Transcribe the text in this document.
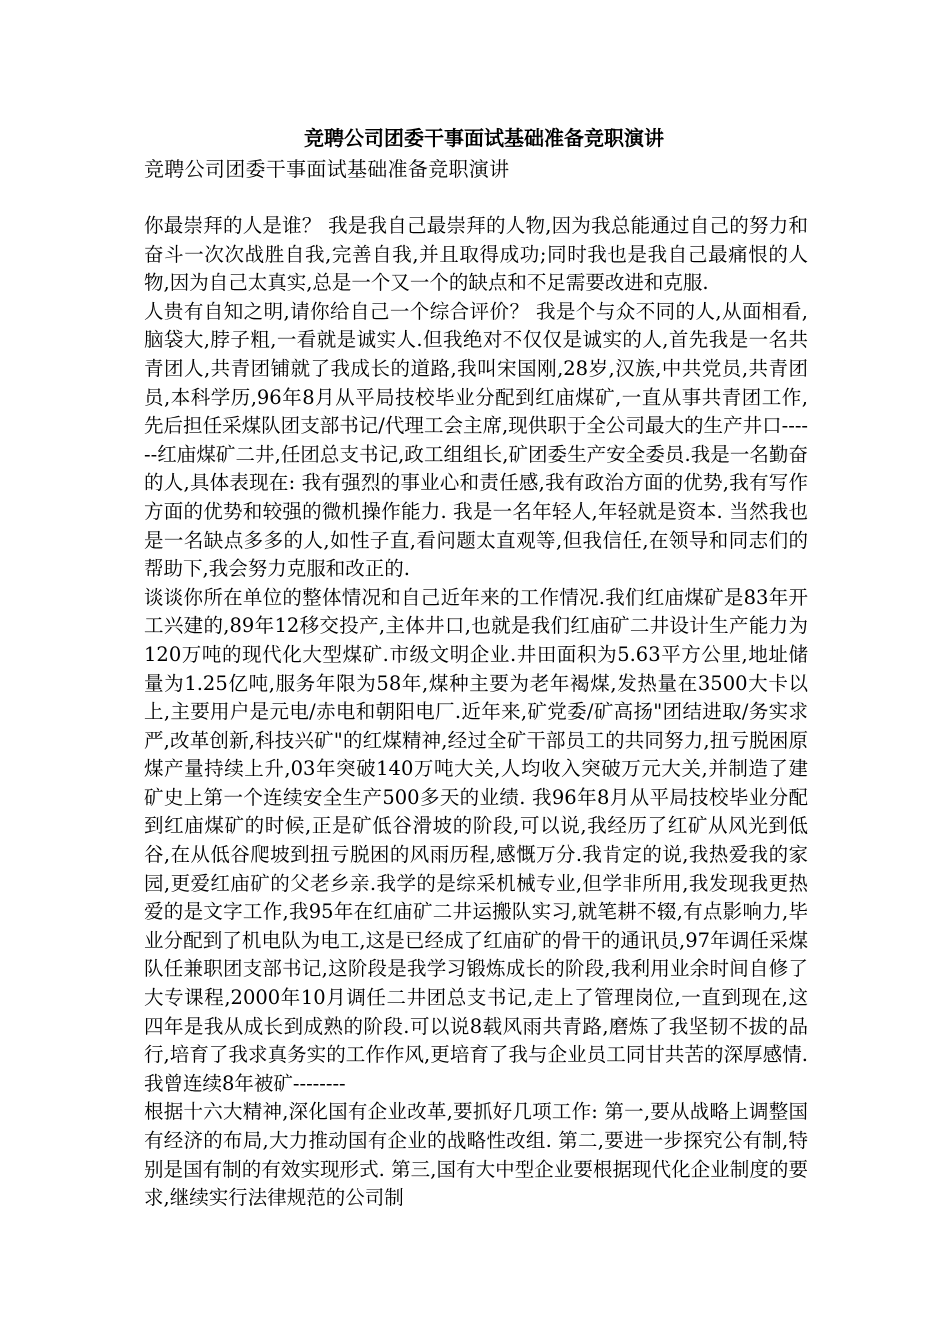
竞聘公司团委干事面试基础准备竞职演讲
竞聘公司团委干事面试基础准备竞职演讲

你最崇拜的人是谁？ 我是我自己最崇拜的人物,因为我总能通过自己的努力和奋斗一次次战胜自我,完善自我,并且取得成功;同时我也是我自己最痛恨的人物,因为自己太真实,总是一个又一个的缺点和不足需要改进和克服.

人贵有自知之明,请你给自己一个综合评价？ 我是个与众不同的人,从面相看,脑袋大,脖子粗,一看就是诚实人.但我绝对不仅仅是诚实的人,首先我是一名共青团人,共青团铺就了我成长的道路,我叫宋国刚,28岁,汉族,中共党员,共青团员,本科学历,96年8月从平局技校毕业分配到红庙煤矿,一直从事共青团工作,先后担任采煤队团支部书记/代理工会主席,现供职于全公司最大的生产井口------红庙煤矿二井,任团总支书记,政工组组长,矿团委生产安全委员.我是一名勤奋的人,具体表现在: 我有强烈的事业心和责任感,我有政治方面的优势,我有写作方面的优势和较强的微机操作能力. 我是一名年轻人,年轻就是资本. 当然我也是一名缺点多多的人,如性子直,看问题太直观等,但我信任,在领导和同志们的帮助下,我会努力克服和改正的.

谈谈你所在单位的整体情况和自己近年来的工作情况.我们红庙煤矿是83年开工兴建的,89年12移交投产,主体井口,也就是我们红庙矿二井设计生产能力为120万吨的现代化大型煤矿.市级文明企业.井田面积为5.63平方公里,地址储量为1.25亿吨,服务年限为58年,煤种主要为老年褐煤,发热量在3500大卡以上,主要用户是元电/赤电和朝阳电厂.近年来,矿党委/矿高扬"团结进取/务实求严,改革创新,科技兴矿"的红煤精神,经过全矿干部员工的共同努力,扭亏脱困原煤产量持续上升,03年突破140万吨大关,人均收入突破万元大关,并制造了建矿史上第一个连续安全生产500多天的业绩. 我96年8月从平局技校毕业分配到红庙煤矿的时候,正是矿低谷滑坡的阶段,可以说,我经历了红矿从风光到低谷,在从低谷爬坡到扭亏脱困的风雨历程,感慨万分.我肯定的说,我热爱我的家园,更爱红庙矿的父老乡亲.我学的是综采机械专业,但学非所用,我发现我更热爱的是文字工作,我95年在红庙矿二井运搬队实习,就笔耕不辍,有点影响力,毕业分配到了机电队为电工,这是已经成了红庙矿的骨干的通讯员,97年调任采煤队任兼职团支部书记,这阶段是我学习锻炼成长的阶段,我利用业余时间自修了大专课程,2000年10月调任二井团总支书记,走上了管理岗位,一直到现在,这四年是我从成长到成熟的阶段.可以说8载风雨共青路,磨炼了我坚韧不拔的品行,培育了我求真务实的工作作风,更培育了我与企业员工同甘共苦的深厚感情.我曾连续8年被矿--------

根据十六大精神,深化国有企业改革,要抓好几项工作: 第一,要从战略上调整国有经济的布局,大力推动国有企业的战略性改组. 第二,要进一步探究公有制,特别是国有制的有效实现形式. 第三,国有大中型企业要根据现代化企业制度的要求,继续实行法律规范的公司制
